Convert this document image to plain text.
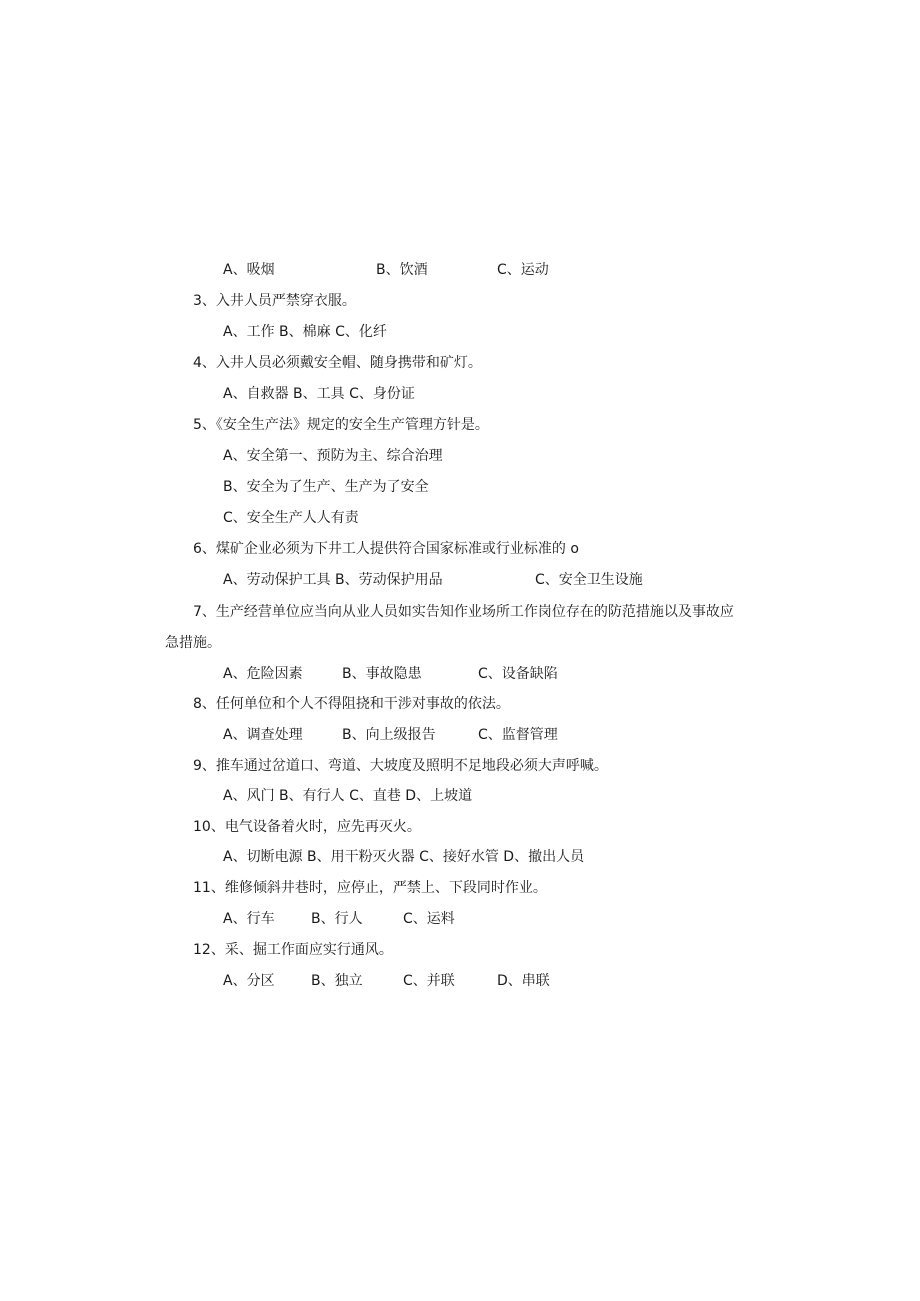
A、吸烟	B、饮酒	C、运动
3、入井人员严禁穿衣服。
A、工作 B、棉麻 C、化纤
4、入井人员必须戴安全帽、随身携带和矿灯。
A、自救器 B、工具 C、身份证
5、《安全生产法》规定的安全生产管理方针是。
A、安全第一、预防为主、综合治理
B、安全为了生产、生产为了安全
C、安全生产人人有责
6、煤矿企业必须为下井工人提供符合国家标准或行业标准的 o
A、劳动保护工具 B、劳动保护用品	C、安全卫生设施
7、生产经营单位应当向从业人员如实告知作业场所工作岗位存在的防范措施以及事故应
急措施。
A、危险因素	B、事故隐患	C、设备缺陷
8、任何单位和个人不得阻挠和干涉对事故的依法。
A、调查处理	B、向上级报告	C、监督管理
9、推车通过岔道口、弯道、大坡度及照明不足地段必须大声呼喊。
A、风门 B、有行人 C、直巷 D、上坡道
10、电气设备着火时，应先再灭火。
A、切断电源 B、用干粉灭火器 C、接好水管 D、撤出人员
11、维修倾斜井巷时，应停止，严禁上、下段同时作业。
A、行车	B、行人	C、运料
12、采、掘工作面应实行通风。
A、分区	B、独立	C、并联	D、串联
